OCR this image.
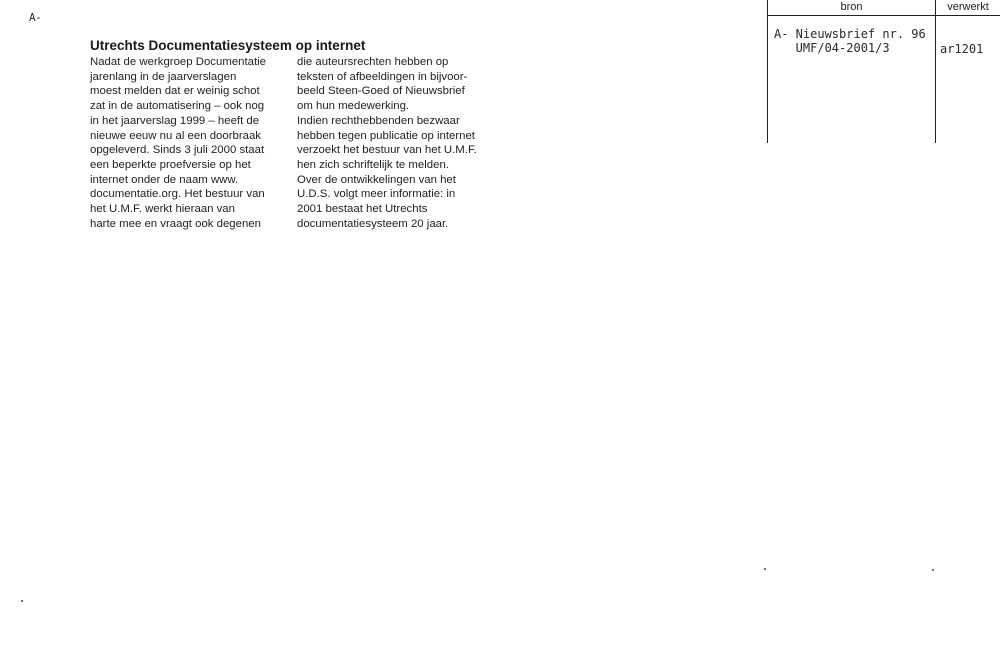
A-
bron	verwerkt
A- Nieuwsbrief nr. 96
UMF/04-2001/3	ar1201
Utrechts Documentatiesysteem op internet
Nadat de werkgroep Documentatie
jarenlang in de jaarverslagen
moest melden dat er weinig schot
zat in de automatisering – ook nog
in het jaarverslag 1999 – heeft de
nieuwe eeuw nu al een doorbraak
opgeleverd. Sinds 3 juli 2000 staat
een beperkte proefversie op het
internet onder de naam www.
documentatie.org. Het bestuur van
het U.M.F. werkt hieraan van
harte mee en vraagt ook degenen
die auteursrechten hebben op
teksten of afbeeldingen in bijvoor-
beeld Steen-Goed of Nieuwsbrief
om hun medewerking.
Indien rechthebbenden bezwaar
hebben tegen publicatie op internet
verzoekt het bestuur van het U.M.F.
hen zich schriftelijk te melden.
Over de ontwikkelingen van het
U.D.S. volgt meer informatie: in
2001 bestaat het Utrechts
documentatiesysteem 20 jaar.
